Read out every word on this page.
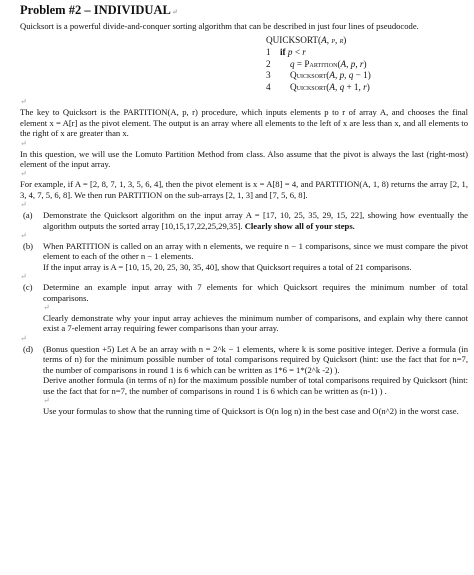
Problem #2 – INDIVIDUAL↵

Quicksort is a powerful divide-and-conquer sorting algorithm that can be described in just four lines of pseudocode.

QUICKSORT( A , p , r )
1	if p < r
2	q = Partition(A, p, r)
3	Quicksort(A, p, q − 1)
4	Quicksort(A, q + 1, r)
↵

The key to Quicksort is the PARTITION(A, p, r) procedure, which inputs elements p to r of array A, and chooses the final element x = A[r] as the pivot element. The output is an array where all elements to the left of x are less than x, and all elements to the right of x are greater than x.

↵

In this question, we will use the Lomuto Partition Method from class. Also assume that the pivot is always the last (right-most) element of the input array.

↵

For example, if A = [2, 8, 7, 1, 3, 5, 6, 4], then the pivot element is x = A[8] = 4, and PARTITION(A, 1, 8) returns the array [2, 1, 3, 4, 7, 5, 6, 8]. We then run PARTITION on the sub-arrays [2, 1, 3] and [7, 5, 6, 8].

↵
(a)	Demonstrate the Quicksort algorithm on the input array A = [17, 10, 25, 35, 29, 15, 22], showing how eventually the algorithm outputs the sorted array [10,15,17,22,25,29,35]. Clearly show all of your steps.

↵
(b)	When PARTITION is called on an array with n elements, we require n − 1 comparisons, since we must compare the pivot element to each of the other n − 1 elements.

If the input array is A = [10, 15, 20, 25, 30, 35, 40], show that Quicksort requires a total of 21 comparisons.

↵
(c)	Determine an example input array with 7 elements for which Quicksort requires the minimum number of total comparisons.

↵

Clearly demonstrate why your input array achieves the minimum number of comparisons, and explain why there cannot exist a 7-element array requiring fewer comparisons than your array.

↵
(d)	(Bonus question +5) Let A be an array with n = 2^k − 1 elements, where k is some positive integer. Derive a formula (in terms of n) for the minimum possible number of total comparisons required by Quicksort (hint: use the fact that for n=7, the number of comparisons in round 1 is 6 which can be written as 1*6 = 1*(2^k -2) ).

Derive another formula (in terms of n) for the maximum possible number of total comparisons required by Quicksort (hint: use the fact that for n=7, the number of comparisons in round 1 is 6 which can be written as (n-1) ) .

↵

Use your formulas to show that the running time of Quicksort is O(n log n) in the best case and O(n^2) in the worst case.
